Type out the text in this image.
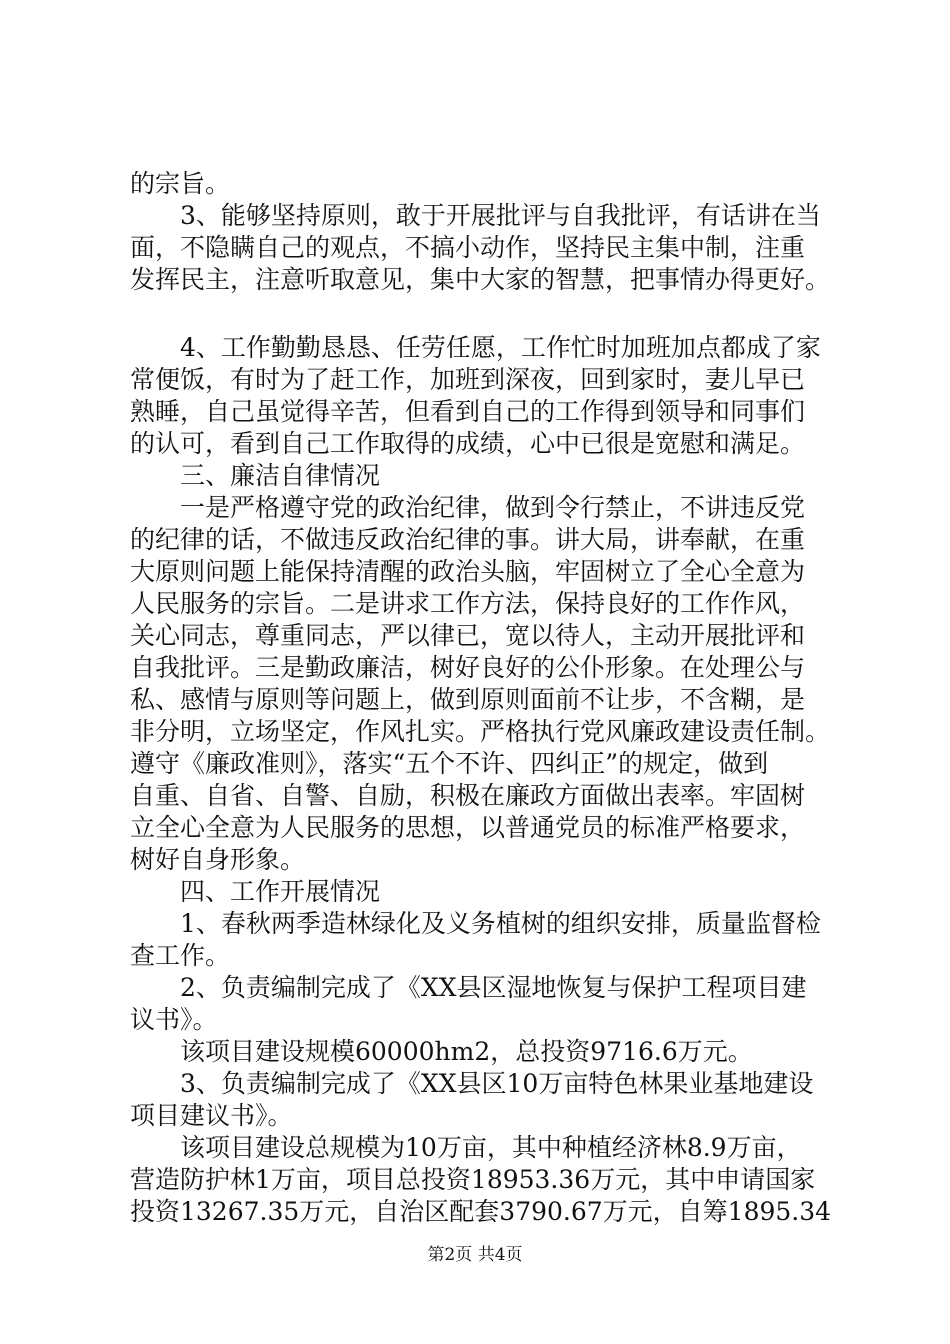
的宗旨。
　　3、能够坚持原则，敢于开展批评与自我批评，有话讲在当
面，不隐瞒自己的观点，不搞小动作，坚持民主集中制，注重
发挥民主，注意听取意见，集中大家的智慧，把事情办得更好。
　　4、工作勤勤恳恳、任劳任愿，工作忙时加班加点都成了家
常便饭，有时为了赶工作，加班到深夜，回到家时，妻儿早已
熟睡，自己虽觉得辛苦，但看到自己的工作得到领导和同事们
的认可，看到自己工作取得的成绩，心中已很是宽慰和满足。
　　三、廉洁自律情况
　　一是严格遵守党的政治纪律，做到令行禁止，不讲违反党
的纪律的话，不做违反政治纪律的事。讲大局，讲奉献，在重
大原则问题上能保持清醒的政治头脑，牢固树立了全心全意为
人民服务的宗旨。二是讲求工作方法，保持良好的工作作风，
关心同志，尊重同志，严以律已，宽以待人，主动开展批评和
自我批评。三是勤政廉洁，树好良好的公仆形象。在处理公与
私、感情与原则等问题上，做到原则面前不让步，不含糊，是
非分明，立场坚定，作风扎实。严格执行党风廉政建设责任制。
遵守《廉政准则》，落实“五个不许、四纠正”的规定，做到
自重、自省、自警、自励，积极在廉政方面做出表率。牢固树
立全心全意为人民服务的思想，以普通党员的标准严格要求，
树好自身形象。
　　四、工作开展情况
　　1、春秋两季造林绿化及义务植树的组织安排，质量监督检
查工作。
　　2、负责编制完成了《XX县区湿地恢复与保护工程项目建
议书》。
　　该项目建设规模60000hm2，总投资9716.6万元。
　　3、负责编制完成了《XX县区10万亩特色林果业基地建设
项目建议书》。
　　该项目建设总规模为10万亩，其中种植经济林8.9万亩，
营造防护林1万亩，项目总投资18953.36万元，其中申请国家
投资13267.35万元，自治区配套3790.67万元，自筹1895.34
第2页 共4页
